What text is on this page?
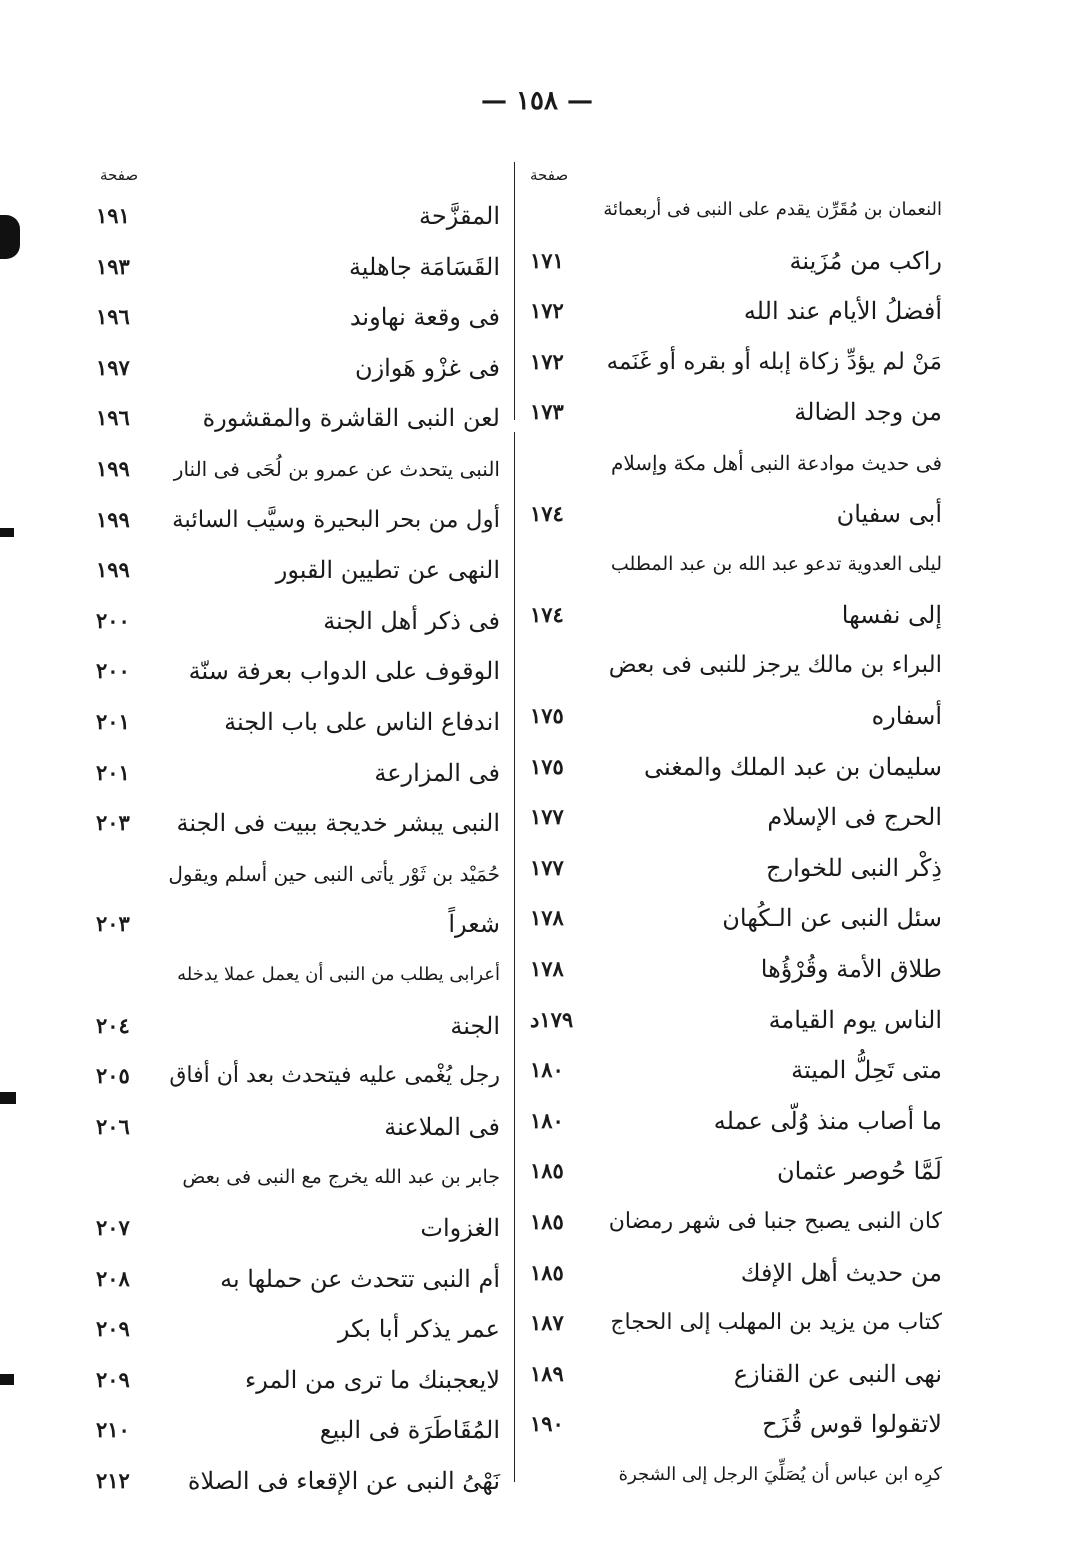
— ١٥٨ —
صفحة
صفحة
النعمان بن مُقَرِّن يقدم على النبى فى أربعمائة
راكب من مُزَينة
١٧١
أفضلُ الأيام عند الله
١٧٢
مَنْ لم يؤدِّ زكاة إبله أو بقره أو غَنَمه
١٧٢
من وجد الضالة
١٧٣
فى حديث موادعة النبى أهل مكة وإسلام
أبى سفيان
١٧٤
ليلى العدوية تدعو عبد الله بن عبد المطلب
إلى نفسها
١٧٤
البراء بن مالك يرجز للنبى فى بعض
أسفاره
١٧٥
سليمان بن عبد الملك والمغنى
١٧٥
الحرج فى الإسلام
١٧٧
ذِكْر النبى للخوارج
١٧٧
سئل النبى عن الـكُهان
١٧٨
طلاق الأمة وقُرْؤُها
١٧٨
الناس يوم القيامة
١٧٩د
متى تَحِلُّ الميتة
١٨٠
ما أصاب منذ وُلّى عمله
١٨٠
لَمَّا حُوصر عثمان
١٨٥
كان النبى يصبح جنبا فى شهر رمضان
١٨٥
من حديث أهل الإفك
١٨٥
كتاب من يزيد بن المهلب إلى الحجاج
١٨٧
نهى النبى عن القنازع
١٨٩
لاتقولوا قوس قُزَح
١٩٠
كرِه ابن عباس أن يُصَلِّيَ الرجل إلى الشجرة
المقزَّحة
١٩١
القَسَامَة جاهلية
١٩٣
فى وقعة نهاوند
١٩٦
فى غزْو هَوازن
١٩٧
لعن النبى القاشرة والمقشورة
١٩٦
النبى يتحدث عن عمرو بن لُحَى فى النار
١٩٩
أول من بحر البحيرة وسيَّب السائبة
١٩٩
النهى عن تطيين القبور
١٩٩
فى ذكر أهل الجنة
٢٠٠
الوقوف على الدواب بعرفة سنّة
٢٠٠
اندفاع الناس على باب الجنة
٢٠١
فى المزارعة
٢٠١
النبى يبشر خديجة ببيت فى الجنة
٢٠٣
حُمَيْد بن ثَوْر يأتى النبى حين أسلم ويقول
شعراً
٢٠٣
أعرابى يطلب من النبى أن يعمل عملا يدخله
الجنة
٢٠٤
رجل يُغْمى عليه فيتحدث بعد أن أفاق
٢٠٥
فى الملاعنة
٢٠٦
جابر بن عبد الله يخرج مع النبى فى بعض
الغزوات
٢٠٧
أم النبى تتحدث عن حملها به
٢٠٨
عمر يذكر أبا بكر
٢٠٩
لايعجبنك ما ترى من المرء
٢٠٩
المُقَاطَرَة فى البيع
٢١٠
نَهْىُ النبى عن الإقعاء فى الصلاة
٢١٢
